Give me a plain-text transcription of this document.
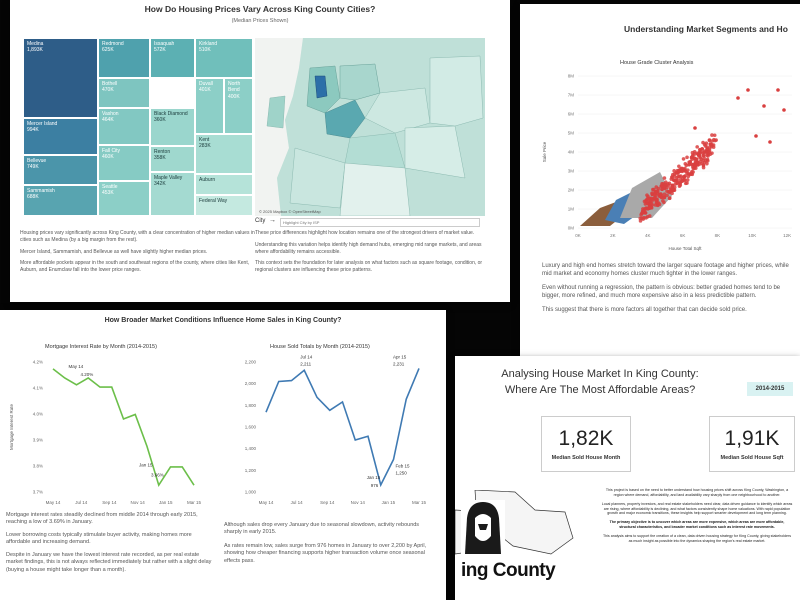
How Do Housing Prices Vary Across King County Cities?
(Median Prices Shown)
Medina
1,893K
Redmond
625K
Issaquah
572K
Kirkland
510K
Mercer Island
994K
Bothell
470K
Duvall
401K
North Bend
400K
Vashon
464K
Bellevue
749K
Fall City
460K
Black Diamond
360K
Kent
283K
Renton
358K
Sammamish
688K
Seattle
453K
Maple Valley
342K
Auburn
Federal Way
© 2025 Mapbox © OpenStreetMap
City →
Highlight City by ISP

Housing prices vary significantly across King County, with a clear concentration of higher median values in cities such as Medina (by a big margin from the rest).

Mercer Island, Sammamish, and Bellevue as well have slightly higher median prices.

More affordable pockets appear in the south and southeast regions of the county, where cities like Kent, Auburn, and Enumclaw fall into the lower price ranges.

These price differences highlight how location remains one of the strongest drivers of market value.

Understanding this variation helps identify high demand hubs, emerging mid range markets, and areas where affordability remains accessible.

This context sets the foundation for later analysis on what factors such as square footage, condition, or regional clusters are influencing these price patterns.

Understanding Market Segments and Ho
House Grade Cluster Analysis
8M
7M
6M
5M
4M
3M
2M
1M
0M
0K	2K	4K	6K	8K	10K	12K
Sale Price
House Total Sqft

Luxury and high end homes stretch toward the larger square footage and higher prices, while mid market and economy homes cluster much tighter in the lower ranges.

Even without running a regression, the pattern is obvious: better graded homes tend to be bigger, more refined, and much more expensive also in a less predictible pattern.

This suggest that there is more factors all together that can decide sold price.

How Broader Market Conditions Influence Home Sales in King County?
Mortgage Interest Rate by Month (2014-2015)	House Sold Totals by Month (2014-2015)
4.2%
4.1%
4.0%
3.9%
3.8%
3.7%
May 14	Jul 14	Sep 14	Nov 14	Jan 15	Mar 15
Mortgage Interest Rate
May 14
4.20%
Jan 15
3.66%
2,200
2,000
1,800
1,600
1,400
1,200
1,000
May 14	Jul 14	Sep 14	Nov 14	Jan 15	Mar 15
Jul 14
2,211
Apr 15
2,231
Jan 15
976
Feb 15
1,250

Mortgage interest rates steadily declined from middle 2014 through early 2015, reaching a low of 3.69% in January.

Lower borrowing costs typically stimulate buyer activity, making homes more affordable and increasing demand.

Despite in January we have the lowest interest rate recorded, as per real estate market findings, this is not always reflected immediately but rather with a slight delay (buying a house might take longer than a month).

Although sales drop every January due to seasonal slowdown, activity rebounds sharply in early 2015.

As rates remain low, sales surge from 976 homes in January to over 2,200 by April, showing how cheaper financing supports higher transaction volume once seasonal effects pass.

Analysing House Market In King County:
Where Are The Most Affordable Areas?	2014-2015
1,82K
Median Sold House Month
1,91K
Median Sold House Sqft
ing County

This project is based on the need to better understand how housing prices shift across King County, Washington, a region where demand, affordability, and land availability vary sharply from one neighbourhood to another.

Local planners, property investors, and real estate stakeholders need clear, data driven guidance to identify which areas are rising, where affordability is declining, and what factors consistently shape home valuations. With rapid population growth and major economic transitions, these insights help support smarter development and long term planning.

The primary objective is to uncover which areas are more expensive, which areas are more affordable, structural characteristics, and broader market conditions such as interest rate movements.

This analysis aims to support the creation of a clean, data driven housing strategy for King County, giving stakeholders as much insight as possible into the dynamics shaping the region's real estate market.
